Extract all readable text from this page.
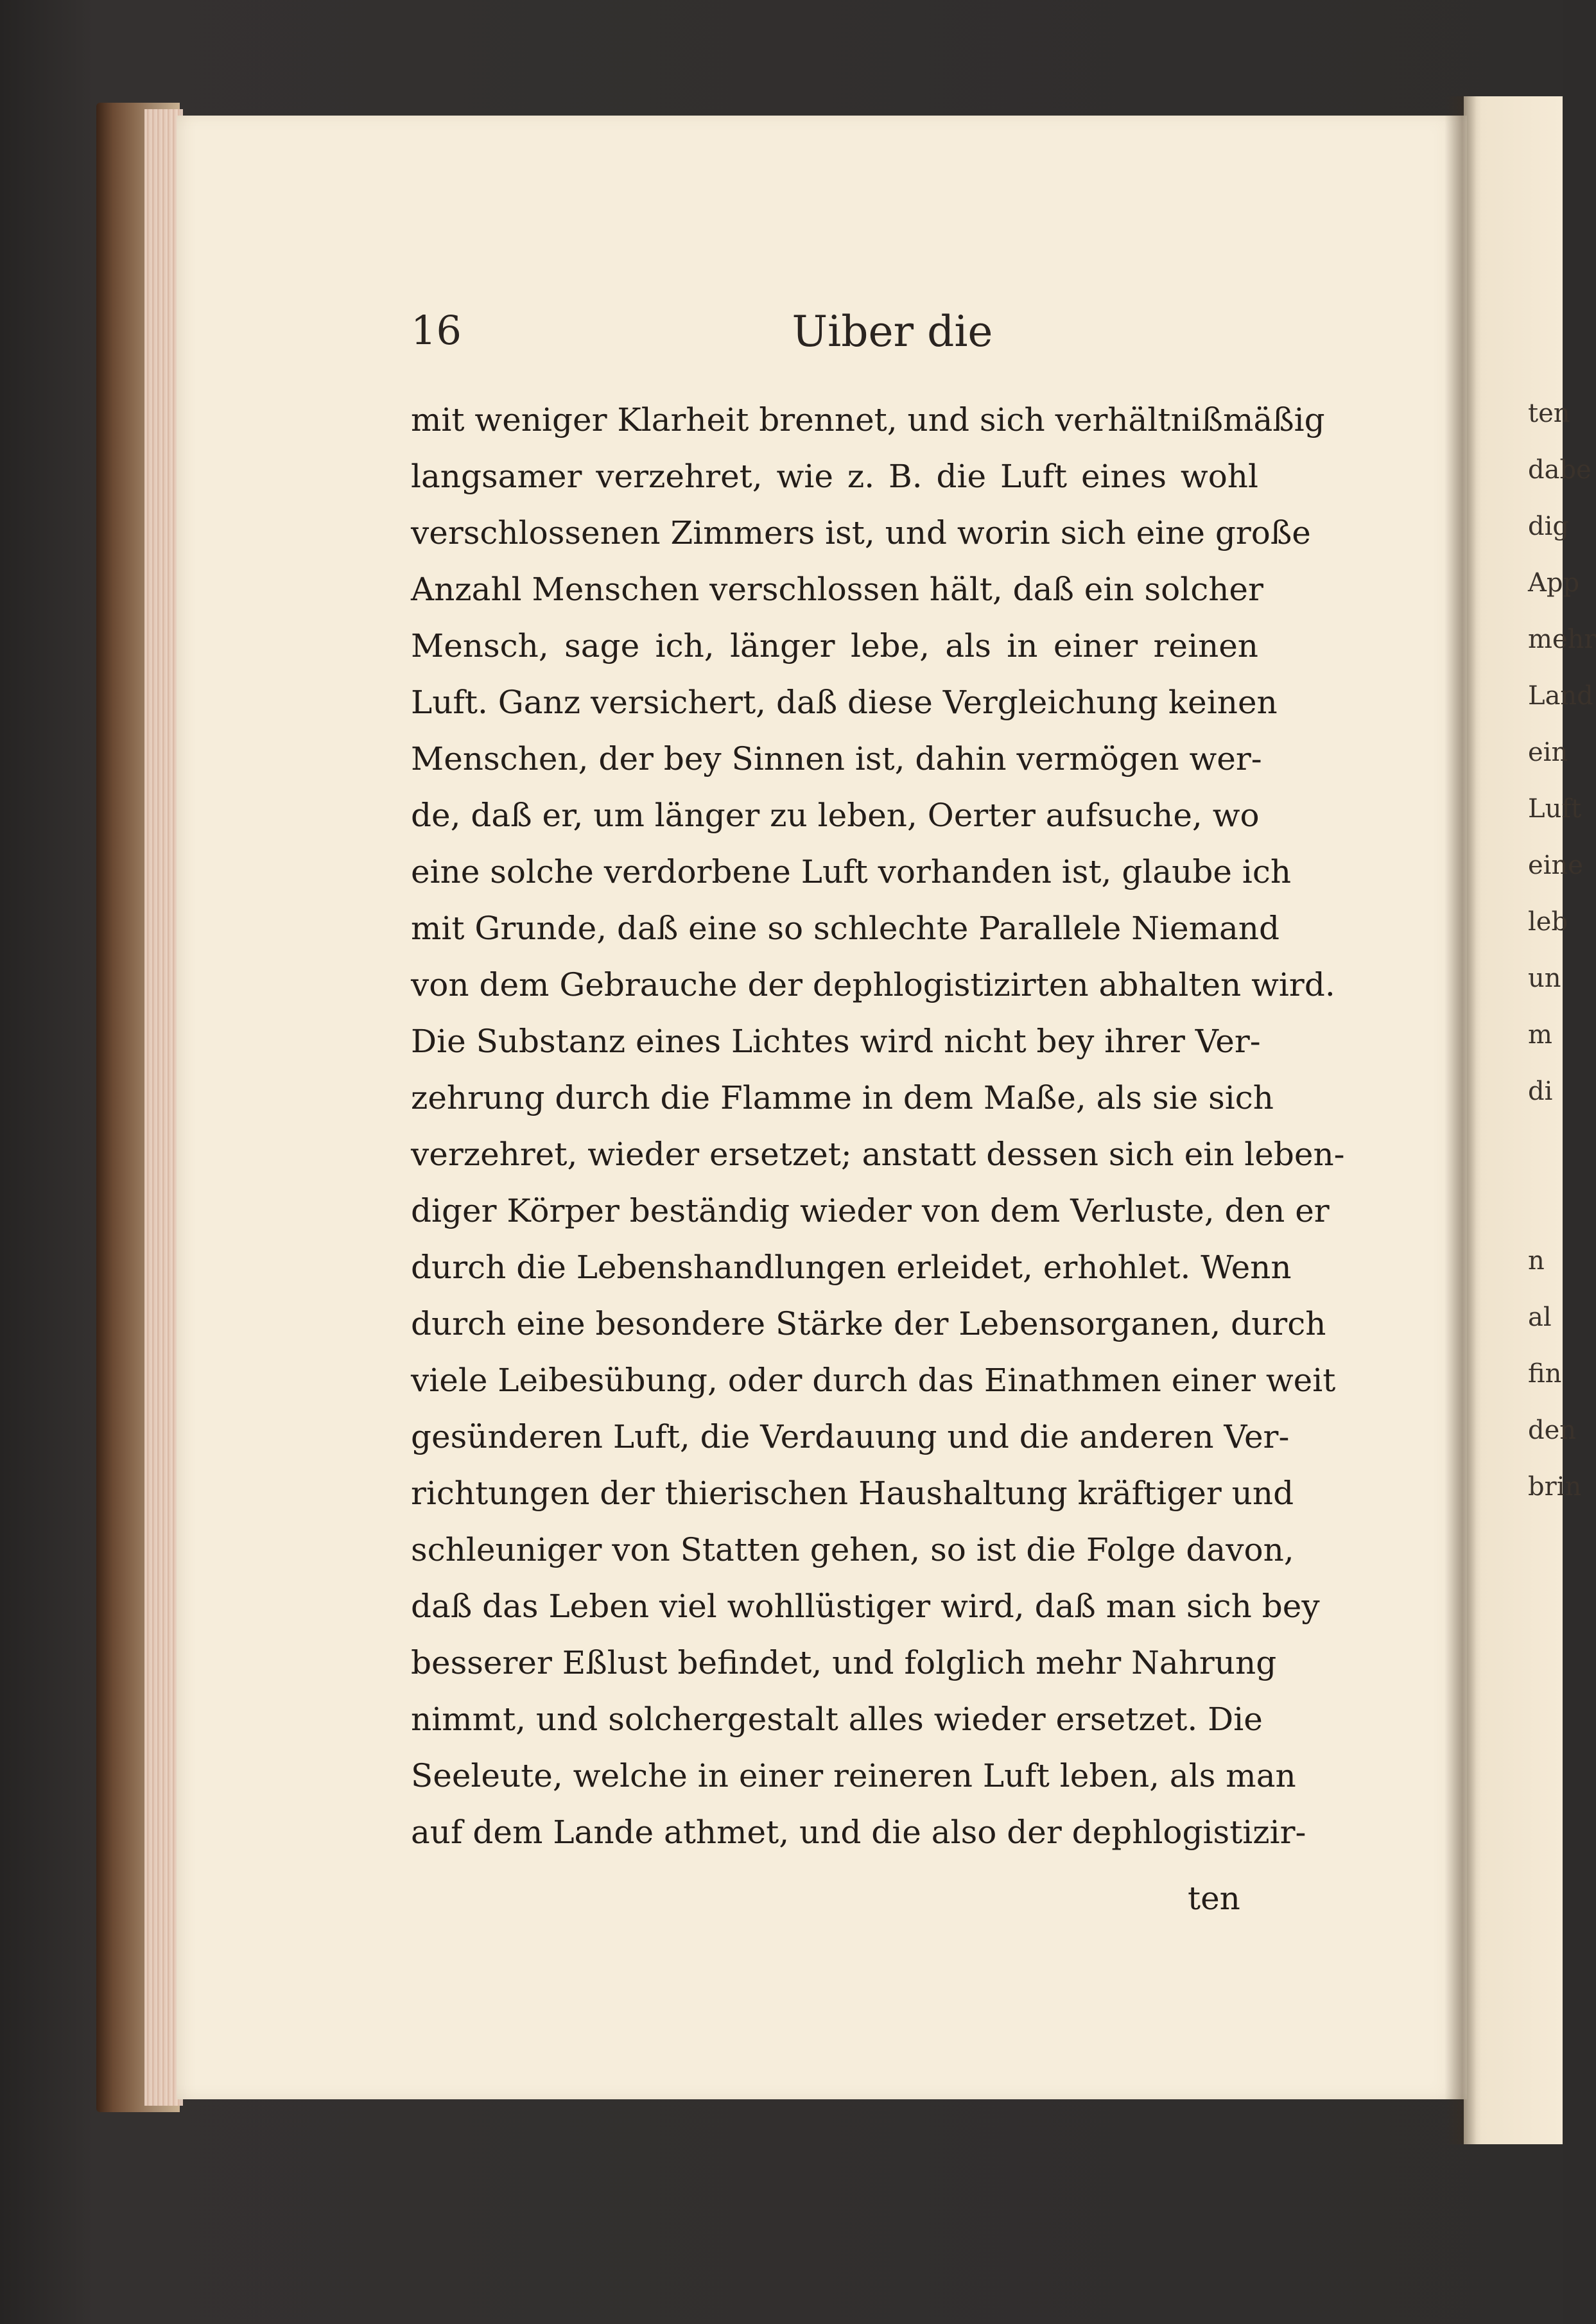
16	Uiber die
mit weniger Klarheit brennet, und sich verhältnißmäßig
langsamer verzehret, wie z. B. die Luft eines wohl
verschlossenen Zimmers ist, und worin sich eine große
Anzahl Menschen verschlossen hält, daß ein solcher
Mensch, sage ich, länger lebe, als in einer reinen
Luft. Ganz versichert, daß diese Vergleichung keinen
Menschen, der bey Sinnen ist, dahin vermögen wer-
de, daß er, um länger zu leben, Oerter aufsuche, wo
eine solche verdorbene Luft vorhanden ist, glaube ich
mit Grunde, daß eine so schlechte Parallele Niemand
von dem Gebrauche der dephlogistizirten abhalten wird.
Die Substanz eines Lichtes wird nicht bey ihrer Ver-
zehrung durch die Flamme in dem Maße, als sie sich
verzehret, wieder ersetzet; anstatt dessen sich ein leben-
diger Körper beständig wieder von dem Verluste, den er
durch die Lebenshandlungen erleidet, erhohlet. Wenn
durch eine besondere Stärke der Lebensorganen, durch
viele Leibesübung, oder durch das Einathmen einer weit
gesünderen Luft, die Verdauung und die anderen Ver-
richtungen der thierischen Haushaltung kräftiger und
schleuniger von Statten gehen, so ist die Folge davon,
daß das Leben viel wohllüstiger wird, daß man sich bey
besserer Eßlust befindet, und folglich mehr Nahrung
nimmt, und solchergestalt alles wieder ersetzet. Die
Seeleute, welche in einer reineren Luft leben, als man
auf dem Lande athmet, und die also der dephlogistizir-
ten
ten
dabe
dig
App
mehr
Land
ein
Luft
eine
leb
un
m
di
n
al
fin
den
brin
